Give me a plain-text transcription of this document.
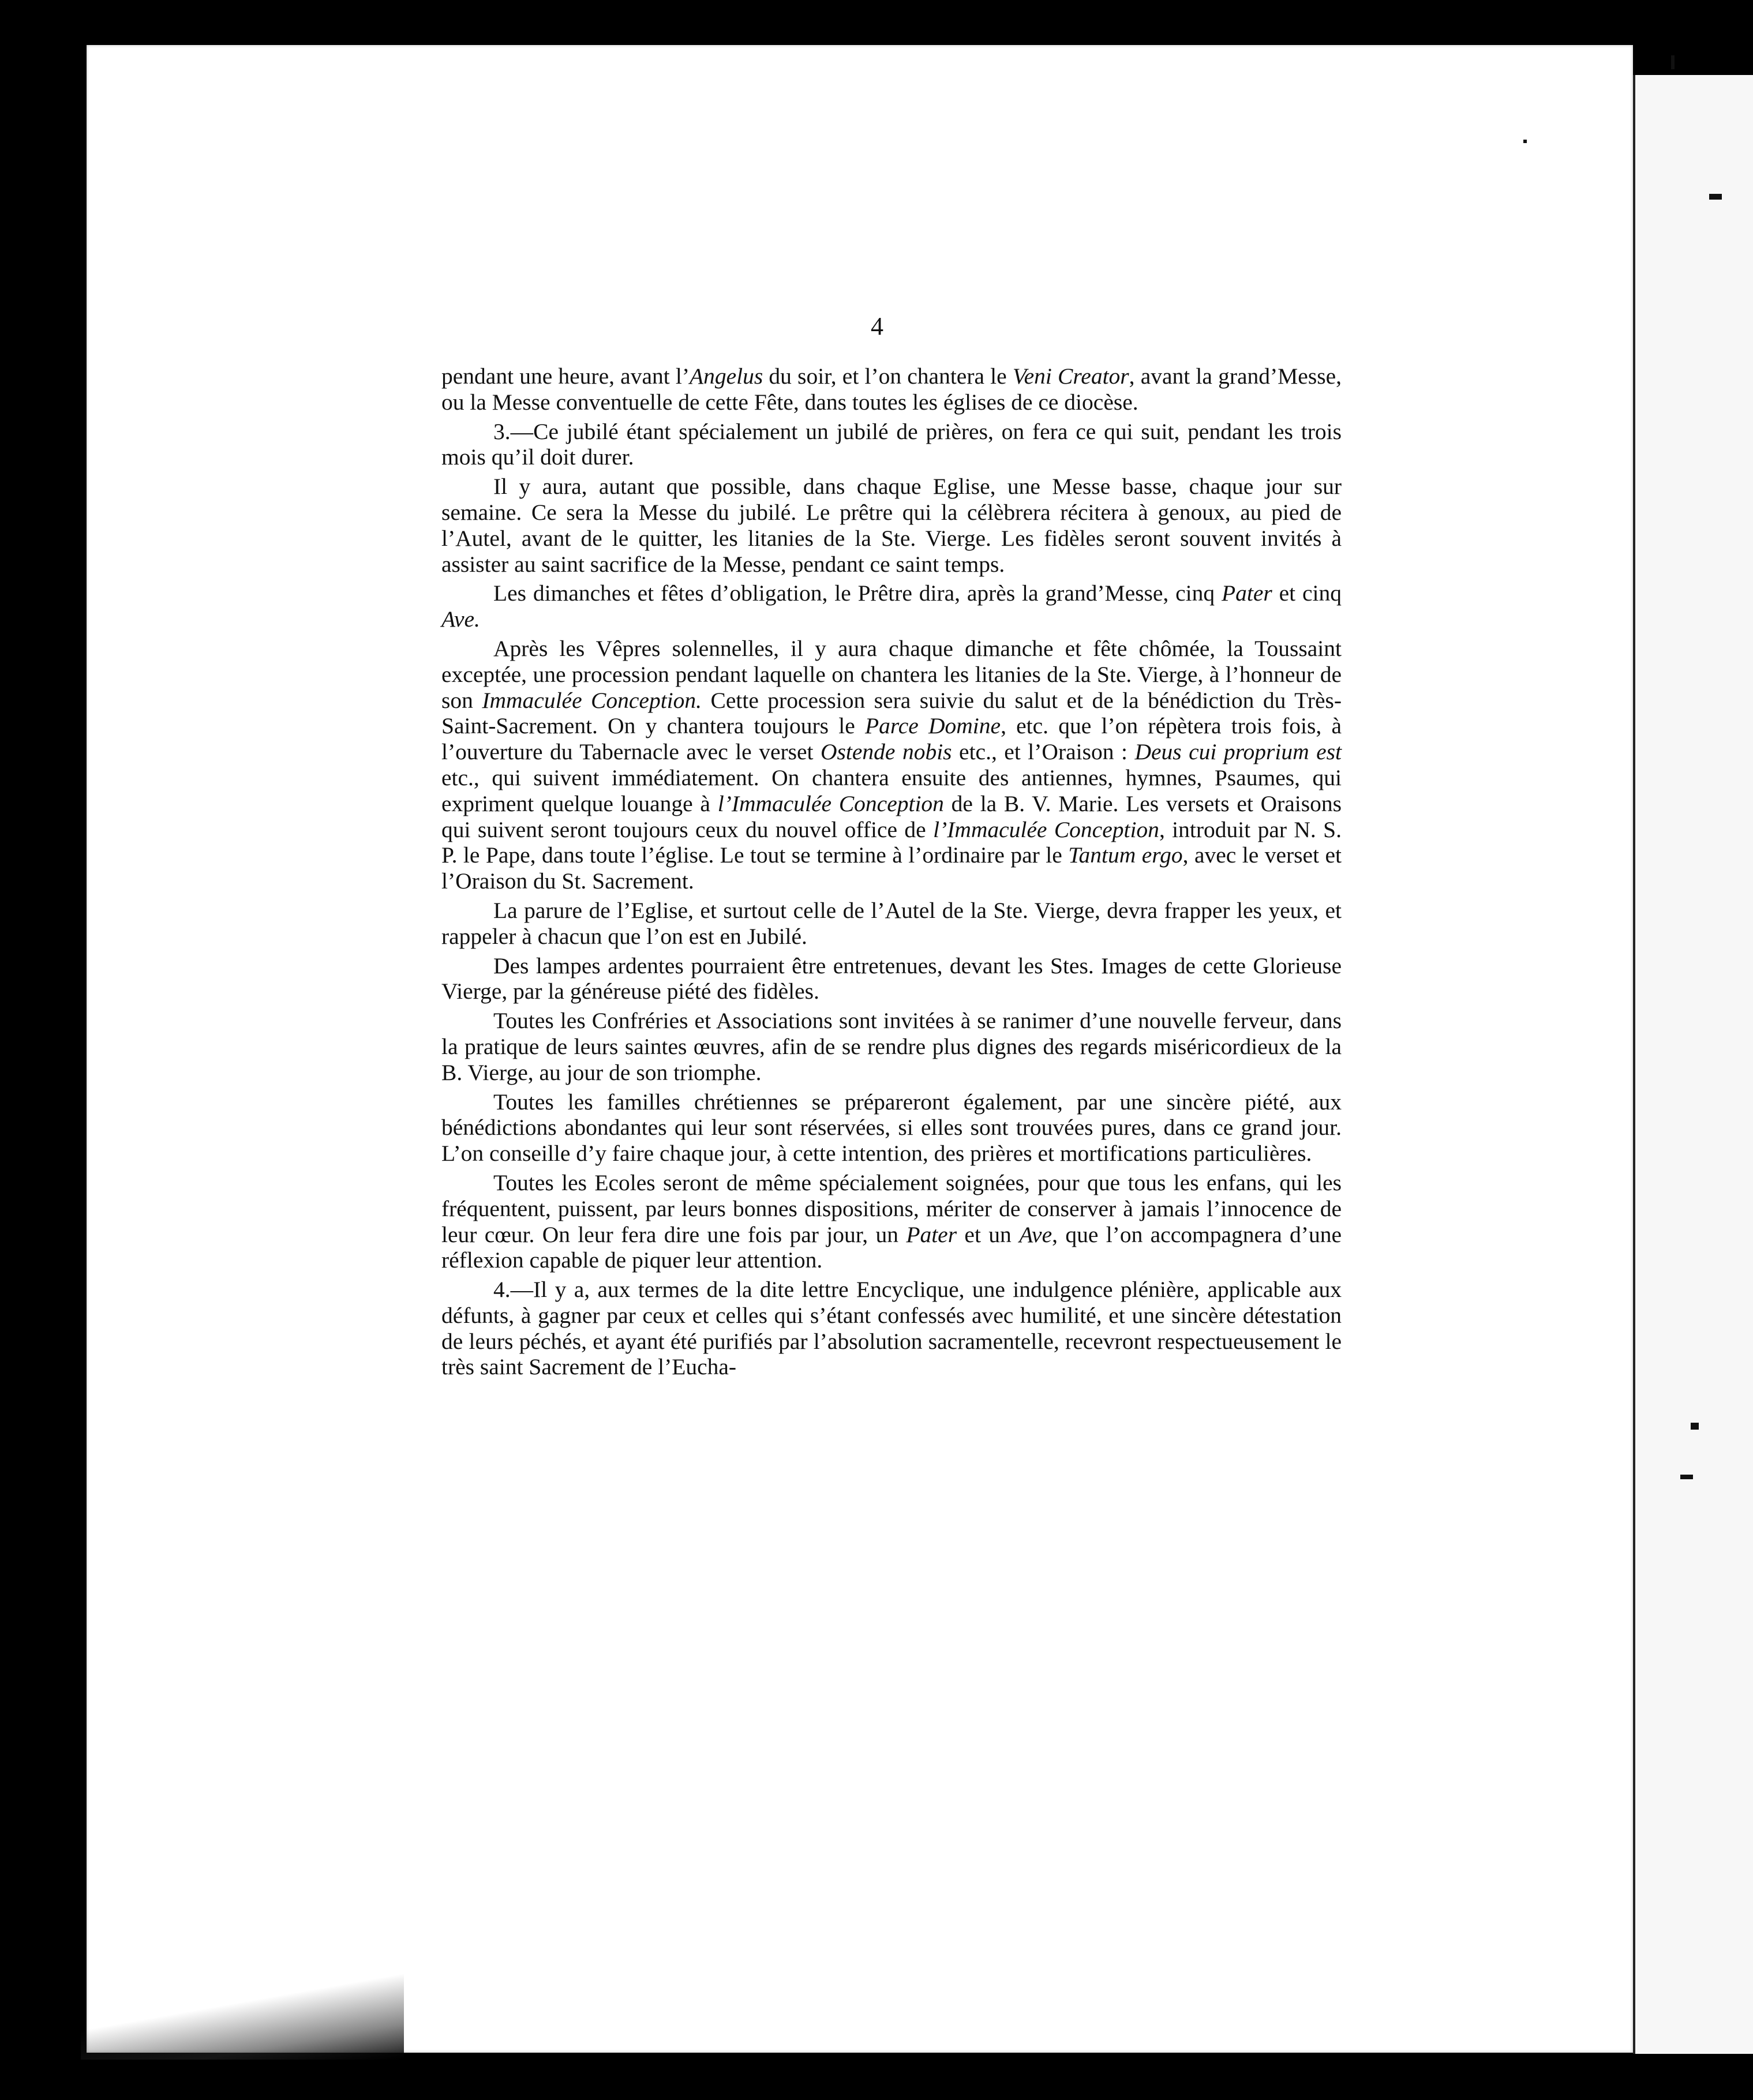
4

pendant une heure, avant l’Angelus du soir, et l’on chantera le Veni Creator, avant la grand’Messe, ou la Messe conventuelle de cette Fête, dans toutes les églises de ce diocèse.

3.—Ce jubilé étant spécialement un jubilé de prières, on fera ce qui suit, pendant les trois mois qu’il doit durer.

Il y aura, autant que possible, dans chaque Eglise, une Messe basse, chaque jour sur semaine. Ce sera la Messe du jubilé. Le prêtre qui la célèbrera récitera à genoux, au pied de l’Autel, avant de le quitter, les litanies de la Ste. Vierge. Les fidèles seront souvent invités à assister au saint sacrifice de la Messe, pendant ce saint temps.

Les dimanches et fêtes d’obligation, le Prêtre dira, après la grand’Messe, cinq Pater et cinq Ave.

Après les Vêpres solennelles, il y aura chaque dimanche et fête chômée, la Toussaint exceptée, une procession pendant laquelle on chantera les litanies de la Ste. Vierge, à l’honneur de son Immaculée Conception. Cette procession sera suivie du salut et de la bénédiction du Très-Saint-Sacrement. On y chantera toujours le Parce Domine, etc. que l’on répètera trois fois, à l’ouverture du Tabernacle avec le verset Ostende nobis etc., et l’Oraison : Deus cui proprium est etc., qui suivent immédiatement. On chantera ensuite des antiennes, hymnes, Psaumes, qui expriment quelque louange à l’Immaculée Conception de la B. V. Marie. Les versets et Oraisons qui suivent seront toujours ceux du nouvel office de l’Immaculée Conception, introduit par N. S. P. le Pape, dans toute l’église. Le tout se termine à l’ordinaire par le Tantum ergo, avec le verset et l’Oraison du St. Sacrement.

La parure de l’Eglise, et surtout celle de l’Autel de la Ste. Vierge, devra frapper les yeux, et rappeler à chacun que l’on est en Jubilé.

Des lampes ardentes pourraient être entretenues, devant les Stes. Images de cette Glorieuse Vierge, par la généreuse piété des fidèles.

Toutes les Confréries et Associations sont invitées à se ranimer d’une nouvelle ferveur, dans la pratique de leurs saintes œuvres, afin de se rendre plus dignes des regards miséricordieux de la B. Vierge, au jour de son triomphe.

Toutes les familles chrétiennes se prépareront également, par une sincère piété, aux bénédictions abondantes qui leur sont réservées, si elles sont trouvées pures, dans ce grand jour. L’on conseille d’y faire chaque jour, à cette intention, des prières et mortifications particulières.

Toutes les Ecoles seront de même spécialement soignées, pour que tous les enfans, qui les fréquentent, puissent, par leurs bonnes dispositions, mériter de conserver à jamais l’innocence de leur cœur. On leur fera dire une fois par jour, un Pater et un Ave, que l’on accompagnera d’une réflexion capable de piquer leur attention.

4.—Il y a, aux termes de la dite lettre Encyclique, une indulgence plénière, applicable aux défunts, à gagner par ceux et celles qui s’étant confessés avec humilité, et une sincère détestation de leurs péchés, et ayant été purifiés par l’absolution sacramentelle, recevront respectueusement le très saint Sacrement de l’Eucha-
